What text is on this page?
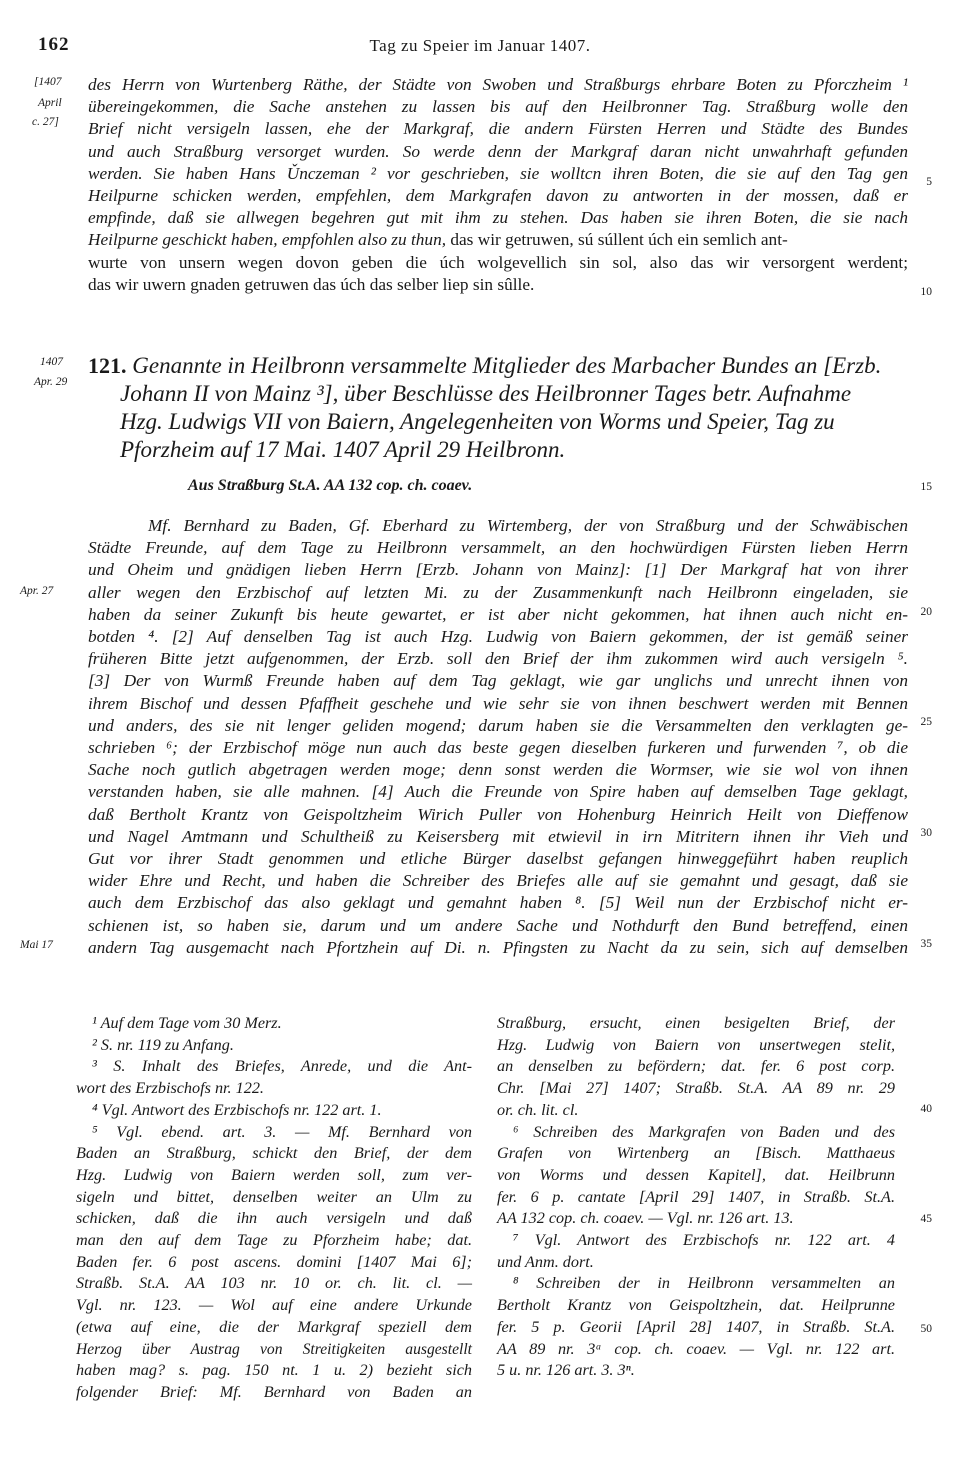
162	Tag zu Speier im Januar 1407.
[1407
April
c. 27]
des Herrn von Wurtenberg Räthe, der Städte von Swoben und Straßburgs ehrbare Boten zu Pforczheim ¹
übereingekommen, die Sache anstehen zu lassen bis auf den Heilbronner Tag. Straßburg wolle den
Brief nicht versigeln lassen, ehe der Markgraf, die andern Fürsten Herren und Städte des Bundes
und auch Straßburg versorget wurden. So werde denn der Markgraf daran nicht unwahrhaft gefunden
werden. Sie haben Hans Ǔnczeman ² vor geschrieben, sie wolltcn ihren Boten, die sie auf den Tag gen
Heilpurne schicken werden, empfehlen, dem Markgrafen davon zu antworten in der mossen, daß er
empfinde, daß sie allwegen begehren gut mit ihm zu stehen. Das haben sie ihren Boten, die sie nach
Heilpurne geschickt haben, empfohlen also zu thun, das wir getruwen, sú súllent úch ein semlich ant-
wurte von unsern wegen dovon geben die úch wolgevellich sin sol, also das wir versorgent werdent;
das wir uwern gnaden getruwen das úch das selber liep sin sûlle.
5
10
15
20
25
30
35
40
45
50
1407
Apr. 29
121. Genannte in Heilbronn versammelte Mitglieder des Marbacher Bundes an [Erzb.
Johann II von Mainz ³], über Beschlüsse des Heilbronner Tages betr. Aufnahme
Hzg. Ludwigs VII von Baiern, Angelegenheiten von Worms und Speier, Tag zu
Pforzheim auf 17 Mai. 1407 April 29 Heilbronn.
Aus Straßburg St.A. AA 132 cop. ch. coaev.
Apr. 27
Mai 17
Mf. Bernhard zu Baden, Gf. Eberhard zu Wirtemberg, der von Straßburg und der Schwäbischen
Städte Freunde, auf dem Tage zu Heilbronn versammelt, an den hochwürdigen Fürsten lieben Herrn
und Oheim und gnädigen lieben Herrn [Erzb. Johann von Mainz]: [1] Der Markgraf hat von ihrer
aller wegen den Erzbischof auf letzten Mi. zu der Zusammenkunft nach Heilbronn eingeladen, sie
haben da seiner Zukunft bis heute gewartet, er ist aber nicht gekommen, hat ihnen auch nicht en-
botden ⁴. [2] Auf denselben Tag ist auch Hzg. Ludwig von Baiern gekommen, der ist gemäß seiner
früheren Bitte jetzt aufgenommen, der Erzb. soll den Brief der ihm zukommen wird auch versigeln ⁵.
[3] Der von Wurmß Freunde haben auf dem Tag geklagt, wie gar unglichs und unrecht ihnen von
ihrem Bischof und dessen Pfaffheit geschehe und wie sehr sie von ihnen beschwert werden mit Bennen
und anders, des sie nit lenger geliden mogend; darum haben sie die Versammelten den verklagten ge-
schrieben ⁶; der Erzbischof möge nun auch das beste gegen dieselben furkeren und furwenden ⁷, ob die
Sache noch gutlich abgetragen werden moge; denn sonst werden die Wormser, wie sie wol von ihnen
verstanden haben, sie alle mahnen. [4] Auch die Freunde von Spire haben auf demselben Tage geklagt,
daß Bertholt Krantz von Geispoltzheim Wirich Puller von Hohenburg Heinrich Heilt von Dieffenow
und Nagel Amtmann und Schultheiß zu Keisersberg mit etwievil in irn Mitritern ihnen ihr Vieh und
Gut vor ihrer Stadt genommen und etliche Bürger daselbst gefangen hinweggeführt haben reuplich
wider Ehre und Recht, und haben die Schreiber des Briefes alle auf sie gemahnt und gesagt, daß sie
auch dem Erzbischof das also geklagt und gemahnt haben ⁸. [5] Weil nun der Erzbischof nicht er-
schienen ist, so haben sie, darum und um andere Sache und Nothdurft den Bund betreffend, einen
andern Tag ausgemacht nach Pfortzhein auf Di. n. Pfingsten zu Nacht da zu sein, sich auf demselben
¹ Auf dem Tage vom 30 Merz.
² S. nr. 119 zu Anfang.
³ S. Inhalt des Briefes, Anrede, und die Ant-
wort des Erzbischofs nr. 122.
⁴ Vgl. Antwort des Erzbischofs nr. 122 art. 1.
⁵ Vgl. ebend. art. 3. — Mf. Bernhard von
Baden an Straßburg, schickt den Brief, der dem
Hzg. Ludwig von Baiern werden soll, zum ver-
sigeln und bittet, denselben weiter an Ulm zu
schicken, daß die ihn auch versigeln und daß
man den auf dem Tage zu Pforzheim habe; dat.
Baden fer. 6 post ascens. domini [1407 Mai 6];
Straßb. St.A. AA 103 nr. 10 or. ch. lit. cl. —
Vgl. nr. 123. — Wol auf eine andere Urkunde
(etwa auf eine, die der Markgraf speziell dem
Herzog über Austrag von Streitigkeiten ausgestellt
haben mag? s. pag. 150 nt. 1 u. 2) bezieht sich
folgender Brief: Mf. Bernhard von Baden an
Straßburg, ersucht, einen besigelten Brief, der
Hzg. Ludwig von Baiern von unsertwegen stelit,
an denselben zu befördern; dat. fer. 6 post corp.
Chr. [Mai 27] 1407; Straßb. St.A. AA 89 nr. 29
or. ch. lit. cl.
⁶ Schreiben des Markgrafen von Baden und des
Grafen von Wirtenberg an [Bisch. Matthaeus
von Worms und dessen Kapitel], dat. Heilbrunn
fer. 6 p. cantate [April 29] 1407, in Straßb. St.A.
AA 132 cop. ch. coaev. — Vgl. nr. 126 art. 13.
⁷ Vgl. Antwort des Erzbischofs nr. 122 art. 4
und Anm. dort.
⁸ Schreiben der in Heilbronn versammelten an
Bertholt Krantz von Geispoltzhein, dat. Heilprunne
fer. 5 p. Georii [April 28] 1407, in Straßb. St.A.
AA 89 nr. 3ᵃ cop. ch. coaev. — Vgl. nr. 122 art.
5 u. nr. 126 art. 3. 3ⁿ.
